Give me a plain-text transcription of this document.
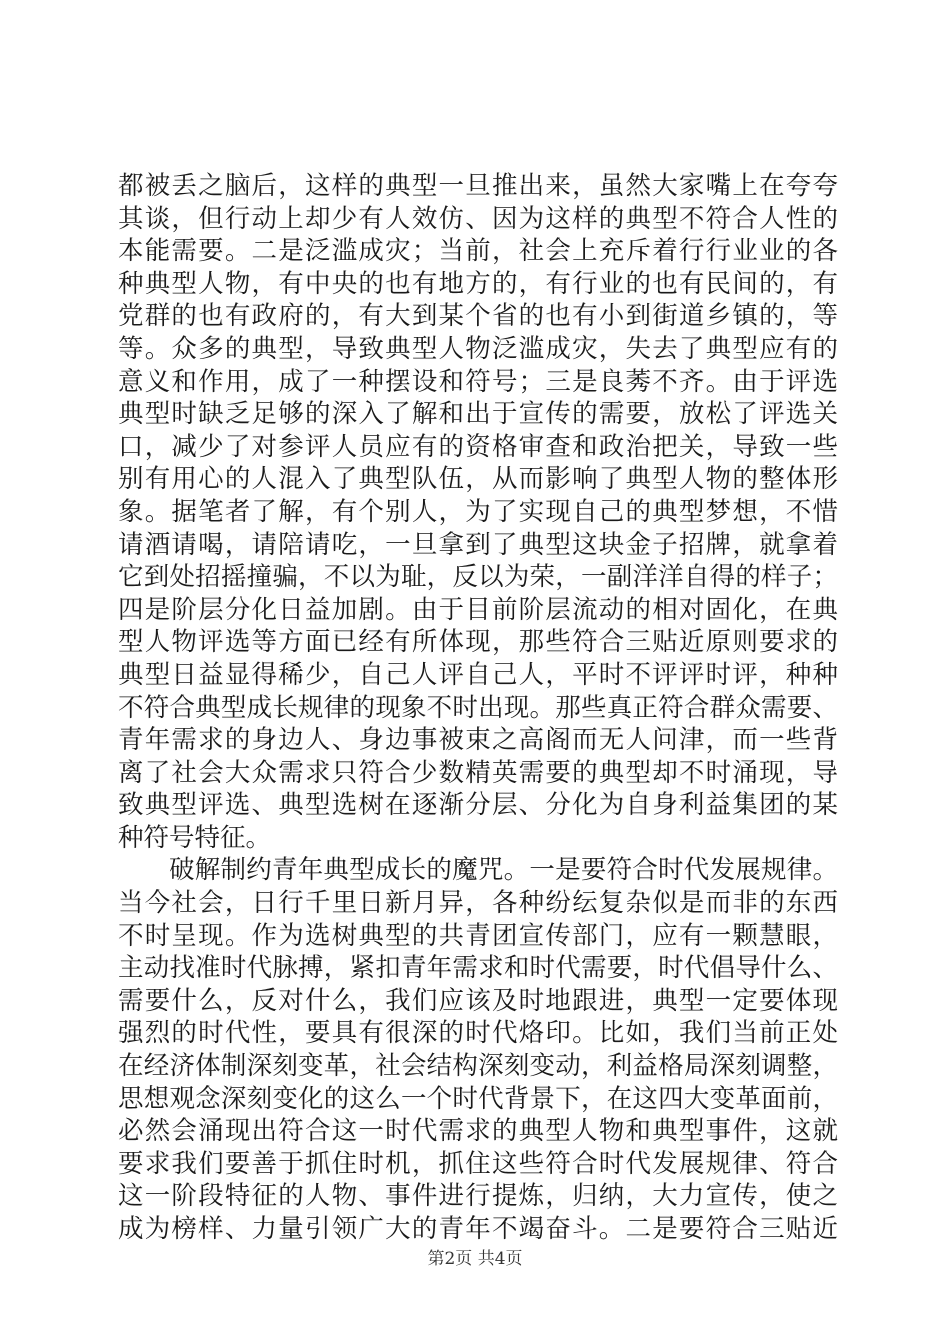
都被丢之脑后，这样的典型一旦推出来，虽然大家嘴上在夸夸
其谈，但行动上却少有人效仿、因为这样的典型不符合人性的
本能需要。二是泛滥成灾；当前，社会上充斥着行行业业的各
种典型人物，有中央的也有地方的，有行业的也有民间的，有
党群的也有政府的，有大到某个省的也有小到街道乡镇的，等
等。众多的典型，导致典型人物泛滥成灾，失去了典型应有的
意义和作用，成了一种摆设和符号；三是良莠不齐。由于评选
典型时缺乏足够的深入了解和出于宣传的需要，放松了评选关
口，减少了对参评人员应有的资格审查和政治把关，导致一些
别有用心的人混入了典型队伍，从而影响了典型人物的整体形
象。据笔者了解，有个别人，为了实现自己的典型梦想，不惜
请酒请喝，请陪请吃，一旦拿到了典型这块金子招牌，就拿着
它到处招摇撞骗，不以为耻，反以为荣，一副洋洋自得的样子；
四是阶层分化日益加剧。由于目前阶层流动的相对固化，在典
型人物评选等方面已经有所体现，那些符合三贴近原则要求的
典型日益显得稀少，自己人评自己人，平时不评评时评，种种
不符合典型成长规律的现象不时出现。那些真正符合群众需要、
青年需求的身边人、身边事被束之高阁而无人问津，而一些背
离了社会大众需求只符合少数精英需要的典型却不时涌现，导
致典型评选、典型选树在逐渐分层、分化为自身利益集团的某
种符号特征。
破解制约青年典型成长的魔咒。一是要符合时代发展规律。
当今社会，日行千里日新月异，各种纷纭复杂似是而非的东西
不时呈现。作为选树典型的共青团宣传部门，应有一颗慧眼，
主动找准时代脉搏，紧扣青年需求和时代需要，时代倡导什么、
需要什么，反对什么，我们应该及时地跟进，典型一定要体现
强烈的时代性，要具有很深的时代烙印。比如，我们当前正处
在经济体制深刻变革，社会结构深刻变动，利益格局深刻调整，
思想观念深刻变化的这么一个时代背景下，在这四大变革面前，
必然会涌现出符合这一时代需求的典型人物和典型事件，这就
要求我们要善于抓住时机，抓住这些符合时代发展规律、符合
这一阶段特征的人物、事件进行提炼，归纳，大力宣传，使之
成为榜样、力量引领广大的青年不竭奋斗。二是要符合三贴近
第2页 共4页
